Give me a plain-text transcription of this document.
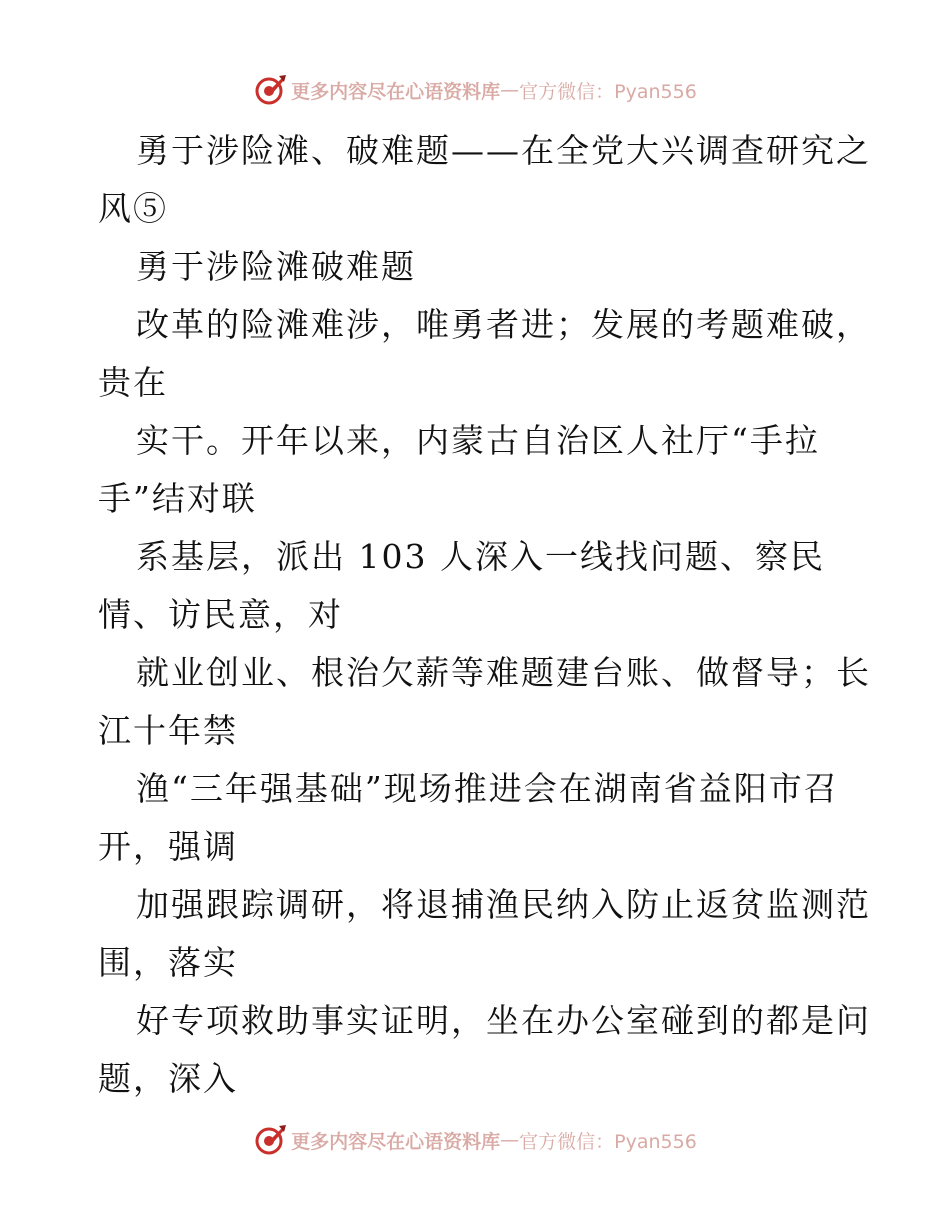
更多内容尽在心语资料库 — 官方微信：Pyan556
勇于涉险滩、破难题——在全党大兴调查研究之
风⑤
勇于涉险滩破难题
改革的险滩难涉，唯勇者进；发展的考题难破，
贵在
实干。开年以来，内蒙古自治区人社厅“手拉
手”结对联
系基层，派出 103 人深入一线找问题、察民
情、访民意，对
就业创业、根治欠薪等难题建台账、做督导；长
江十年禁
渔“三年强基础”现场推进会在湖南省益阳市召
开，强调
加强跟踪调研，将退捕渔民纳入防止返贫监测范
围，落实
好专项救助事实证明，坐在办公室碰到的都是问
题，深入
更多内容尽在心语资料库 — 官方微信：Pyan556
